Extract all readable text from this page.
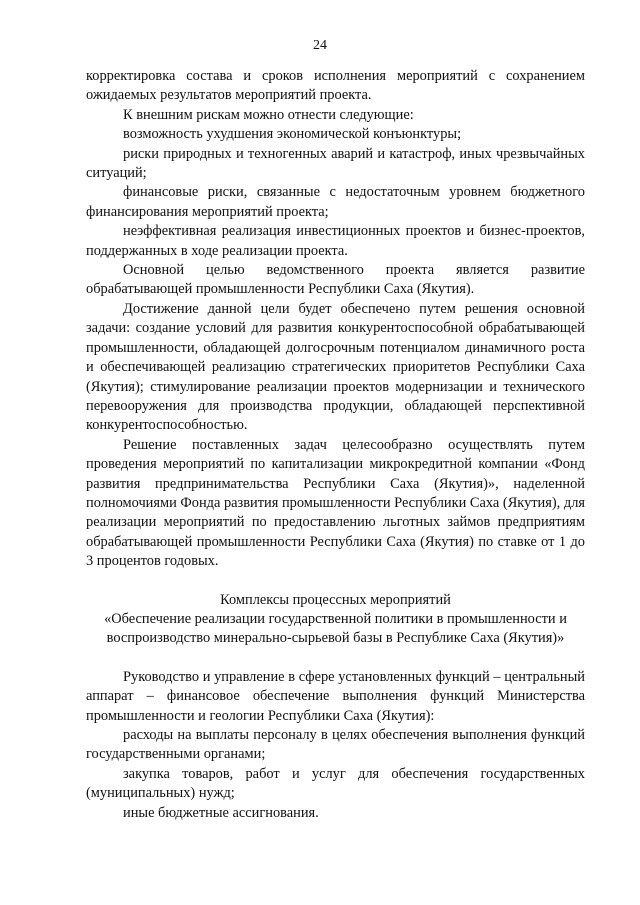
24

корректировка состава и сроков исполнения мероприятий с сохранением ожидаемых результатов мероприятий проекта.

К внешним рискам можно отнести следующие:

возможность ухудшения экономической конъюнктуры;

риски природных и техногенных аварий и катастроф, иных чрезвычайных ситуаций;

финансовые риски, связанные с недостаточным уровнем бюджетного финансирования мероприятий проекта;

неэффективная реализация инвестиционных проектов и бизнес-проектов, поддержанных в ходе реализации проекта.

Основной целью ведомственного проекта является развитие обрабатывающей промышленности Республики Саха (Якутия).

Достижение данной цели будет обеспечено путем решения основной задачи: создание условий для развития конкурентоспособной обрабатывающей промышленности, обладающей долгосрочным потенциалом динамичного роста и обеспечивающей реализацию стратегических приоритетов Республики Саха (Якутия); стимулирование реализации проектов модернизации и технического перевооружения для производства продукции, обладающей перспективной конкурентоспособностью.

Решение поставленных задач целесообразно осуществлять путем проведения мероприятий по капитализации микрокредитной компании «Фонд развития предпринимательства Республики Саха (Якутия)», наделенной полномочиями Фонда развития промышленности Республики Саха (Якутия), для реализации мероприятий по предоставлению льготных займов предприятиям обрабатывающей промышленности Республики Саха (Якутия) по ставке от 1 до 3 процентов годовых.

Комплексы процессных мероприятий
«Обеспечение реализации государственной политики в промышленности и
воспроизводство минерально-сырьевой базы в Республике Саха (Якутия)»

Руководство и управление в сфере установленных функций – центральный аппарат – финансовое обеспечение выполнения функций Министерства промышленности и геологии Республики Саха (Якутия):

расходы на выплаты персоналу в целях обеспечения выполнения функций государственными органами;

закупка товаров, работ и услуг для обеспечения государственных (муниципальных) нужд;

иные бюджетные ассигнования.
